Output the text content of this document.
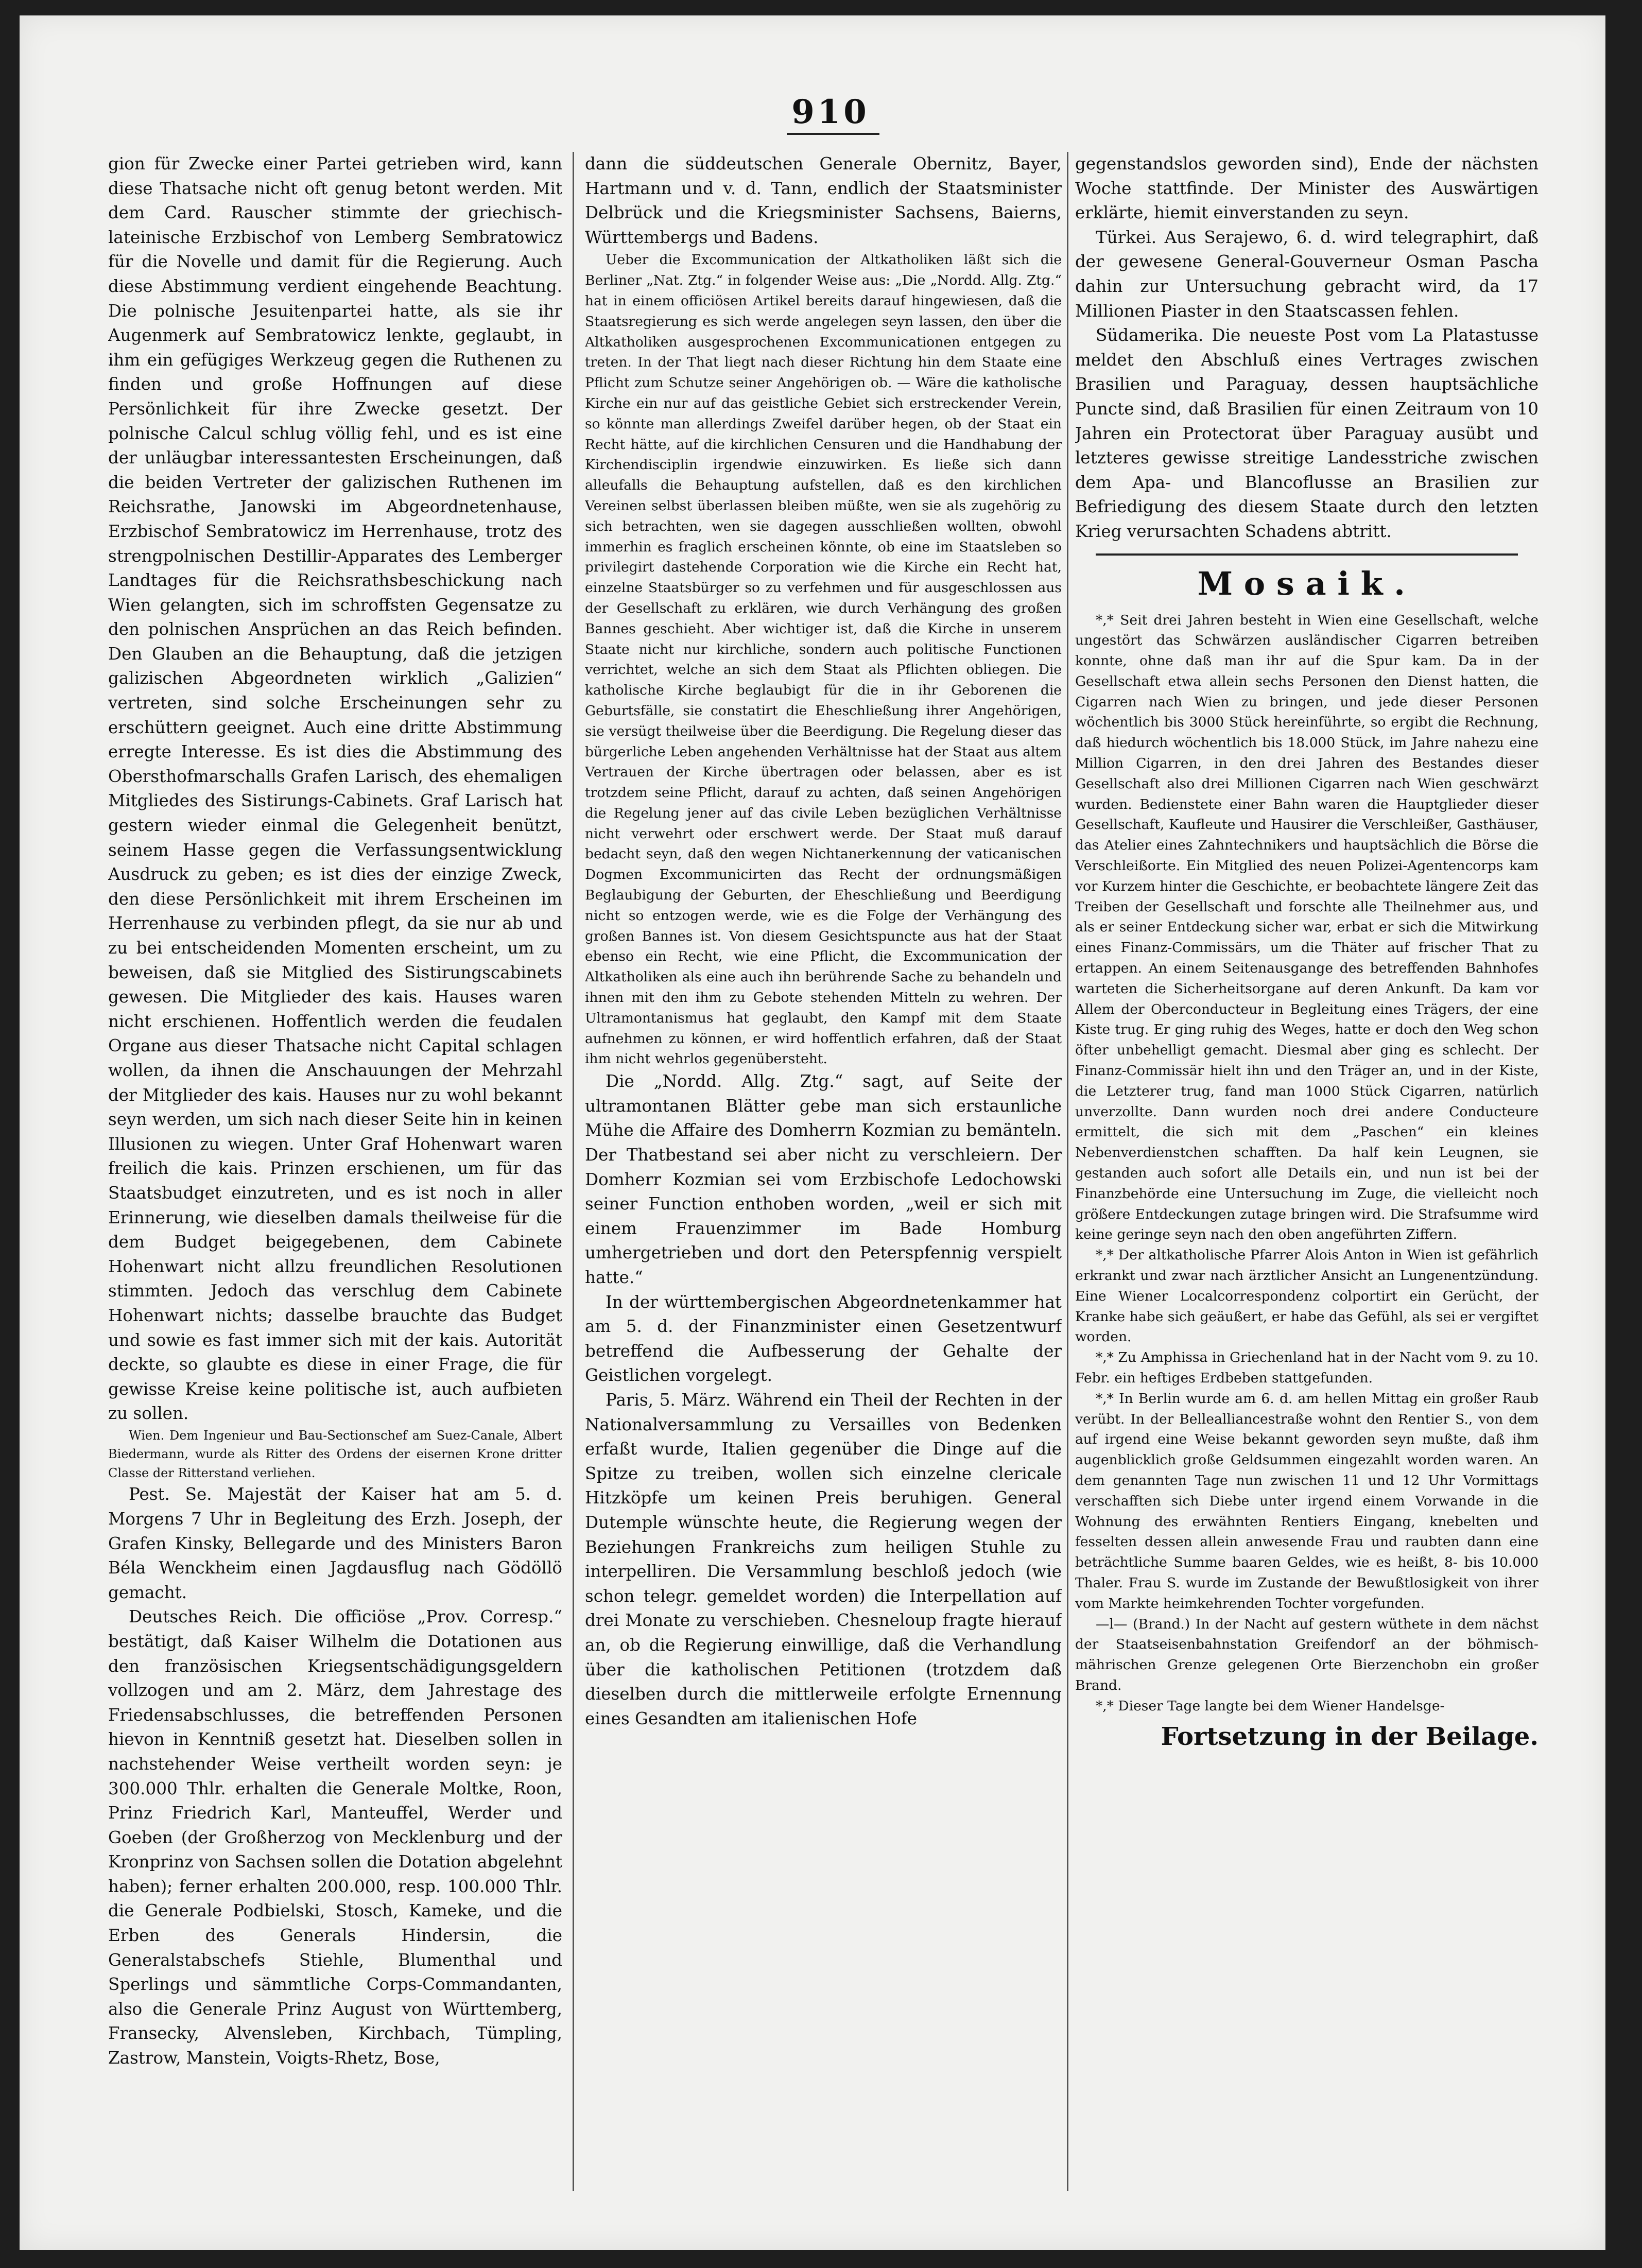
910

gion für Zwecke einer Partei getrieben wird, kann diese Thatsache nicht oft genug betont werden. Mit dem Card. Rauscher stimmte der griechisch-lateinische Erzbischof von Lemberg Sembratowicz für die Novelle und damit für die Regierung. Auch diese Abstimmung verdient eingehende Beachtung. Die polnische Jesuitenpartei hatte, als sie ihr Augenmerk auf Sembratowicz lenkte, geglaubt, in ihm ein gefügiges Werkzeug gegen die Ruthenen zu finden und große Hoffnungen auf diese Persönlichkeit für ihre Zwecke gesetzt. Der polnische Calcul schlug völlig fehl, und es ist eine der unläugbar interessantesten Erscheinungen, daß die beiden Vertreter der galizischen Ruthenen im Reichsrathe, Janowski im Abgeordnetenhause, Erzbischof Sembratowicz im Herrenhause, trotz des strengpolnischen Destillir-Apparates des Lemberger Landtages für die Reichsrathsbeschickung nach Wien gelangten, sich im schroffsten Gegensatze zu den polnischen Ansprüchen an das Reich befinden. Den Glauben an die Behauptung, daß die jetzigen galizischen Abgeordneten wirklich „Galizien“ vertreten, sind solche Erscheinungen sehr zu erschüttern geeignet. Auch eine dritte Abstimmung erregte Interesse. Es ist dies die Abstimmung des Obersthofmarschalls Grafen Larisch, des ehemaligen Mitgliedes des Sistirungs-Cabinets. Graf Larisch hat gestern wieder einmal die Gelegenheit benützt, seinem Hasse gegen die Verfassungsentwicklung Ausdruck zu geben; es ist dies der einzige Zweck, den diese Persönlichkeit mit ihrem Erscheinen im Herrenhause zu verbinden pflegt, da sie nur ab und zu bei entscheidenden Momenten erscheint, um zu beweisen, daß sie Mitglied des Sistirungscabinets gewesen. Die Mitglieder des kais. Hauses waren nicht erschienen. Hoffentlich werden die feudalen Organe aus dieser Thatsache nicht Capital schlagen wollen, da ihnen die Anschauungen der Mehrzahl der Mitglieder des kais. Hauses nur zu wohl bekannt seyn werden, um sich nach dieser Seite hin in keinen Illusionen zu wiegen. Unter Graf Hohenwart waren freilich die kais. Prinzen erschienen, um für das Staatsbudget einzutreten, und es ist noch in aller Erinnerung, wie dieselben damals theilweise für die dem Budget beigegebenen, dem Cabinete Hohenwart nicht allzu freundlichen Resolutionen stimmten. Jedoch das verschlug dem Cabinete Hohenwart nichts; dasselbe brauchte das Budget und sowie es fast immer sich mit der kais. Autorität deckte, so glaubte es diese in einer Frage, die für gewisse Kreise keine politische ist, auch aufbieten zu sollen.

Wien. Dem Ingenieur und Bau-Sectionschef am Suez-Canale, Albert Biedermann, wurde als Ritter des Ordens der eisernen Krone dritter Classe der Ritterstand verliehen.

Pest. Se. Majestät der Kaiser hat am 5. d. Morgens 7 Uhr in Begleitung des Erzh. Joseph, der Grafen Kinsky, Bellegarde und des Ministers Baron Béla Wenckheim einen Jagdausflug nach Gödöllö gemacht.

Deutsches Reich. Die officiöse „Prov. Corresp.“ bestätigt, daß Kaiser Wilhelm die Dotationen aus den französischen Kriegsentschädigungsgeldern vollzogen und am 2. März, dem Jahrestage des Friedensabschlusses, die betreffenden Personen hievon in Kenntniß gesetzt hat. Dieselben sollen in nachstehender Weise vertheilt worden seyn: je 300.000 Thlr. erhalten die Generale Moltke, Roon, Prinz Friedrich Karl, Manteuffel, Werder und Goeben (der Großherzog von Mecklenburg und der Kronprinz von Sachsen sollen die Dotation abgelehnt haben); ferner erhalten 200.000, resp. 100.000 Thlr. die Generale Podbielski, Stosch, Kameke, und die Erben des Generals Hindersin, die Generalstabschefs Stiehle, Blumenthal und Sperlings und sämmtliche Corps-Commandanten, also die Generale Prinz August von Württemberg, Fransecky, Alvensleben, Kirchbach, Tümpling, Zastrow, Manstein, Voigts-Rhetz, Bose,

dann die süddeutschen Generale Obernitz, Bayer, Hartmann und v. d. Tann, endlich der Staatsminister Delbrück und die Kriegsminister Sachsens, Baierns, Württembergs und Badens.

Ueber die Excommunication der Altkatholiken läßt sich die Berliner „Nat. Ztg.“ in folgender Weise aus: „Die „Nordd. Allg. Ztg.“ hat in einem officiösen Artikel bereits darauf hingewiesen, daß die Staatsregierung es sich werde angelegen seyn lassen, den über die Altkatholiken ausgesprochenen Excommunicationen entgegen zu treten. In der That liegt nach dieser Richtung hin dem Staate eine Pflicht zum Schutze seiner Angehörigen ob. — Wäre die katholische Kirche ein nur auf das geistliche Gebiet sich erstreckender Verein, so könnte man allerdings Zweifel darüber hegen, ob der Staat ein Recht hätte, auf die kirchlichen Censuren und die Handhabung der Kirchendisciplin irgendwie einzuwirken. Es ließe sich dann alleufalls die Behauptung aufstellen, daß es den kirchlichen Vereinen selbst überlassen bleiben müßte, wen sie als zugehörig zu sich betrachten, wen sie dagegen ausschließen wollten, obwohl immerhin es fraglich erscheinen könnte, ob eine im Staatsleben so privilegirt dastehende Corporation wie die Kirche ein Recht hat, einzelne Staatsbürger so zu verfehmen und für ausgeschlossen aus der Gesellschaft zu erklären, wie durch Verhängung des großen Bannes geschieht. Aber wichtiger ist, daß die Kirche in unserem Staate nicht nur kirchliche, sondern auch politische Functionen verrichtet, welche an sich dem Staat als Pflichten obliegen. Die katholische Kirche beglaubigt für die in ihr Geborenen die Geburtsfälle, sie constatirt die Eheschließung ihrer Angehörigen, sie versügt theilweise über die Beerdigung. Die Regelung dieser das bürgerliche Leben angehenden Verhältnisse hat der Staat aus altem Vertrauen der Kirche übertragen oder belassen, aber es ist trotzdem seine Pflicht, darauf zu achten, daß seinen Angehörigen die Regelung jener auf das civile Leben bezüglichen Verhältnisse nicht verwehrt oder erschwert werde. Der Staat muß darauf bedacht seyn, daß den wegen Nichtanerkennung der vaticanischen Dogmen Excommunicirten das Recht der ordnungsmäßigen Beglaubigung der Geburten, der Eheschließung und Beerdigung nicht so entzogen werde, wie es die Folge der Verhängung des großen Bannes ist. Von diesem Gesichtspuncte aus hat der Staat ebenso ein Recht, wie eine Pflicht, die Excommunication der Altkatholiken als eine auch ihn berührende Sache zu behandeln und ihnen mit den ihm zu Gebote stehenden Mitteln zu wehren. Der Ultramontanismus hat geglaubt, den Kampf mit dem Staate aufnehmen zu können, er wird hoffentlich erfahren, daß der Staat ihm nicht wehrlos gegenübersteht.

Die „Nordd. Allg. Ztg.“ sagt, auf Seite der ultramontanen Blätter gebe man sich erstaunliche Mühe die Affaire des Domherrn Kozmian zu bemänteln. Der Thatbestand sei aber nicht zu verschleiern. Der Domherr Kozmian sei vom Erzbischofe Ledochowski seiner Function enthoben worden, „weil er sich mit einem Frauenzimmer im Bade Homburg umhergetrieben und dort den Peterspfennig verspielt hatte.“

In der württembergischen Abgeordnetenkammer hat am 5. d. der Finanzminister einen Gesetzentwurf betreffend die Aufbesserung der Gehalte der Geistlichen vorgelegt.

Paris, 5. März. Während ein Theil der Rechten in der Nationalversammlung zu Versailles von Bedenken erfaßt wurde, Italien gegenüber die Dinge auf die Spitze zu treiben, wollen sich einzelne clericale Hitzköpfe um keinen Preis beruhigen. General Dutemple wünschte heute, die Regierung wegen der Beziehungen Frankreichs zum heiligen Stuhle zu interpelliren. Die Versammlung beschloß jedoch (wie schon telegr. gemeldet worden) die Interpellation auf drei Monate zu verschieben. Chesneloup fragte hierauf an, ob die Regierung einwillige, daß die Verhandlung über die katholischen Petitionen (trotzdem daß dieselben durch die mittlerweile erfolgte Ernennung eines Gesandten am italienischen Hofe

gegenstandslos geworden sind), Ende der nächsten Woche stattfinde. Der Minister des Auswärtigen erklärte, hiemit einverstanden zu seyn.

Türkei. Aus Serajewo, 6. d. wird telegraphirt, daß der gewesene General-Gouverneur Osman Pascha dahin zur Untersuchung gebracht wird, da 17 Millionen Piaster in den Staatscassen fehlen.

Südamerika. Die neueste Post vom La Platastusse meldet den Abschluß eines Vertrages zwischen Brasilien und Paraguay, dessen hauptsächliche Puncte sind, daß Brasilien für einen Zeitraum von 10 Jahren ein Protectorat über Paraguay ausübt und letzteres gewisse streitige Landesstriche zwischen dem Apa- und Blancoflusse an Brasilien zur Befriedigung des diesem Staate durch den letzten Krieg verursachten Schadens abtritt.

Mosaik.

*,* Seit drei Jahren besteht in Wien eine Gesellschaft, welche ungestört das Schwärzen ausländischer Cigarren betreiben konnte, ohne daß man ihr auf die Spur kam. Da in der Gesellschaft etwa allein sechs Personen den Dienst hatten, die Cigarren nach Wien zu bringen, und jede dieser Personen wöchentlich bis 3000 Stück hereinführte, so ergibt die Rechnung, daß hiedurch wöchentlich bis 18.000 Stück, im Jahre nahezu eine Million Cigarren, in den drei Jahren des Bestandes dieser Gesellschaft also drei Millionen Cigarren nach Wien geschwärzt wurden. Bedienstete einer Bahn waren die Hauptglieder dieser Gesellschaft, Kaufleute und Hausirer die Verschleißer, Gasthäuser, das Atelier eines Zahntechnikers und hauptsächlich die Börse die Verschleißorte. Ein Mitglied des neuen Polizei-Agentencorps kam vor Kurzem hinter die Geschichte, er beobachtete längere Zeit das Treiben der Gesellschaft und forschte alle Theilnehmer aus, und als er seiner Entdeckung sicher war, erbat er sich die Mitwirkung eines Finanz-Commissärs, um die Thäter auf frischer That zu ertappen. An einem Seitenausgange des betreffenden Bahnhofes warteten die Sicherheitsorgane auf deren Ankunft. Da kam vor Allem der Oberconducteur in Begleitung eines Trägers, der eine Kiste trug. Er ging ruhig des Weges, hatte er doch den Weg schon öfter unbehelligt gemacht. Diesmal aber ging es schlecht. Der Finanz-Commissär hielt ihn und den Träger an, und in der Kiste, die Letzterer trug, fand man 1000 Stück Cigarren, natürlich unverzollte. Dann wurden noch drei andere Conducteure ermittelt, die sich mit dem „Paschen“ ein kleines Nebenverdienstchen schafften. Da half kein Leugnen, sie gestanden auch sofort alle Details ein, und nun ist bei der Finanzbehörde eine Untersuchung im Zuge, die vielleicht noch größere Entdeckungen zutage bringen wird. Die Strafsumme wird keine geringe seyn nach den oben angeführten Ziffern.

*,* Der altkatholische Pfarrer Alois Anton in Wien ist gefährlich erkrankt und zwar nach ärztlicher Ansicht an Lungenentzündung. Eine Wiener Localcorrespondenz colportirt ein Gerücht, der Kranke habe sich geäußert, er habe das Gefühl, als sei er vergiftet worden.

*,* Zu Amphissa in Griechenland hat in der Nacht vom 9. zu 10. Febr. ein heftiges Erdbeben stattgefunden.

*,* In Berlin wurde am 6. d. am hellen Mittag ein großer Raub verübt. In der Bellealliancestraße wohnt den Rentier S., von dem auf irgend eine Weise bekannt geworden seyn mußte, daß ihm augenblicklich große Geldsummen eingezahlt worden waren. An dem genannten Tage nun zwischen 11 und 12 Uhr Vormittags verschafften sich Diebe unter irgend einem Vorwande in die Wohnung des erwähnten Rentiers Eingang, knebelten und fesselten dessen allein anwesende Frau und raubten dann eine beträchtliche Summe baaren Geldes, wie es heißt, 8- bis 10.000 Thaler. Frau S. wurde im Zustande der Bewußtlosigkeit von ihrer vom Markte heimkehrenden Tochter vorgefunden.

—l— (Brand.) In der Nacht auf gestern wüthete in dem nächst der Staatseisenbahnstation Greifendorf an der böhmisch-mährischen Grenze gelegenen Orte Bierzenchobn ein großer Brand.

*,* Dieser Tage langte bei dem Wiener Handelsge-

Fortsetzung in der Beilage.
